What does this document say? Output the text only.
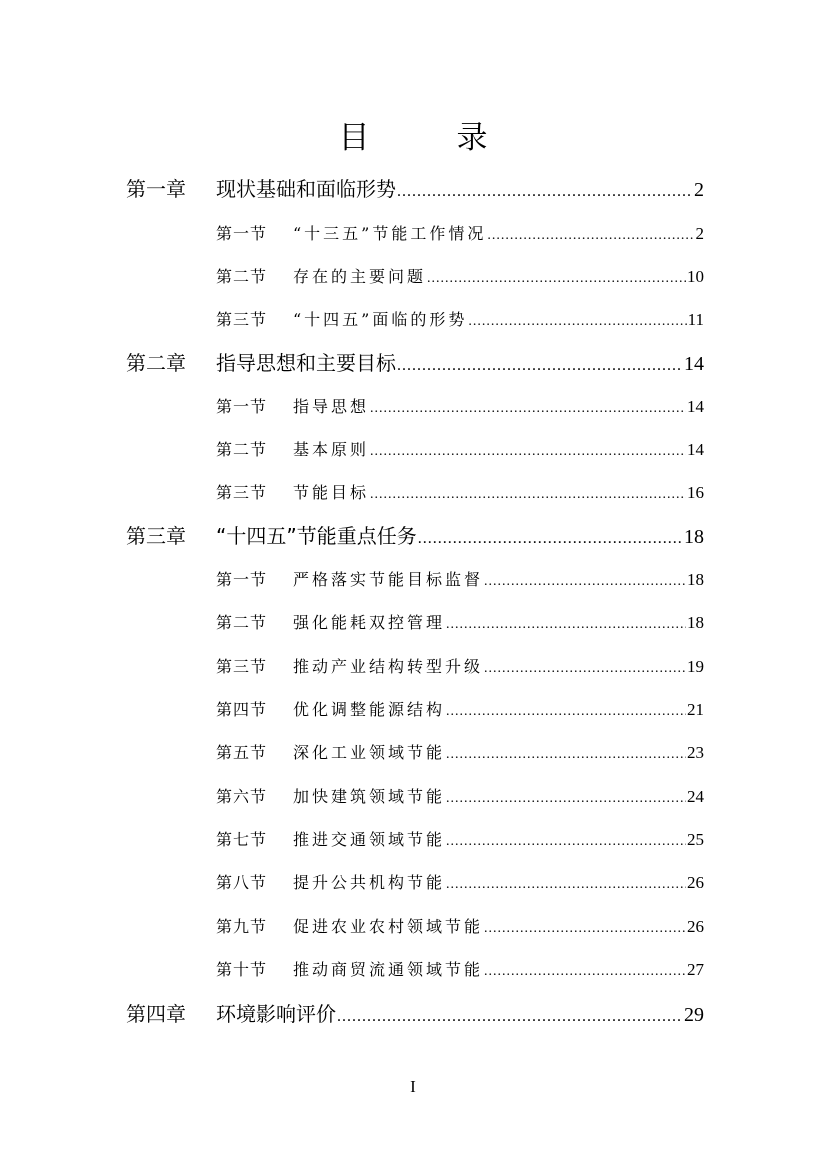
目　录
第一章	现状基础和面临形势 .....	2
第一节	“十三五”节能工作情况 .....	2
第二节	存在的主要问题 .....	10
第三节	“十四五”面临的形势 .....	11
第二章	指导思想和主要目标 .....	14
第一节	指导思想 .....	14
第二节	基本原则 .....	14
第三节	节能目标 .....	16
第三章	“十四五”节能重点任务 .....	18
第一节	严格落实节能目标监督 .....	18
第二节	强化能耗双控管理 .....	18
第三节	推动产业结构转型升级 .....	19
第四节	优化调整能源结构 .....	21
第五节	深化工业领域节能 .....	23
第六节	加快建筑领域节能 .....	24
第七节	推进交通领域节能 .....	25
第八节	提升公共机构节能 .....	26
第九节	促进农业农村领域节能 .....	26
第十节	推动商贸流通领域节能 .....	27
第四章	环境影响评价 .....	29
I
